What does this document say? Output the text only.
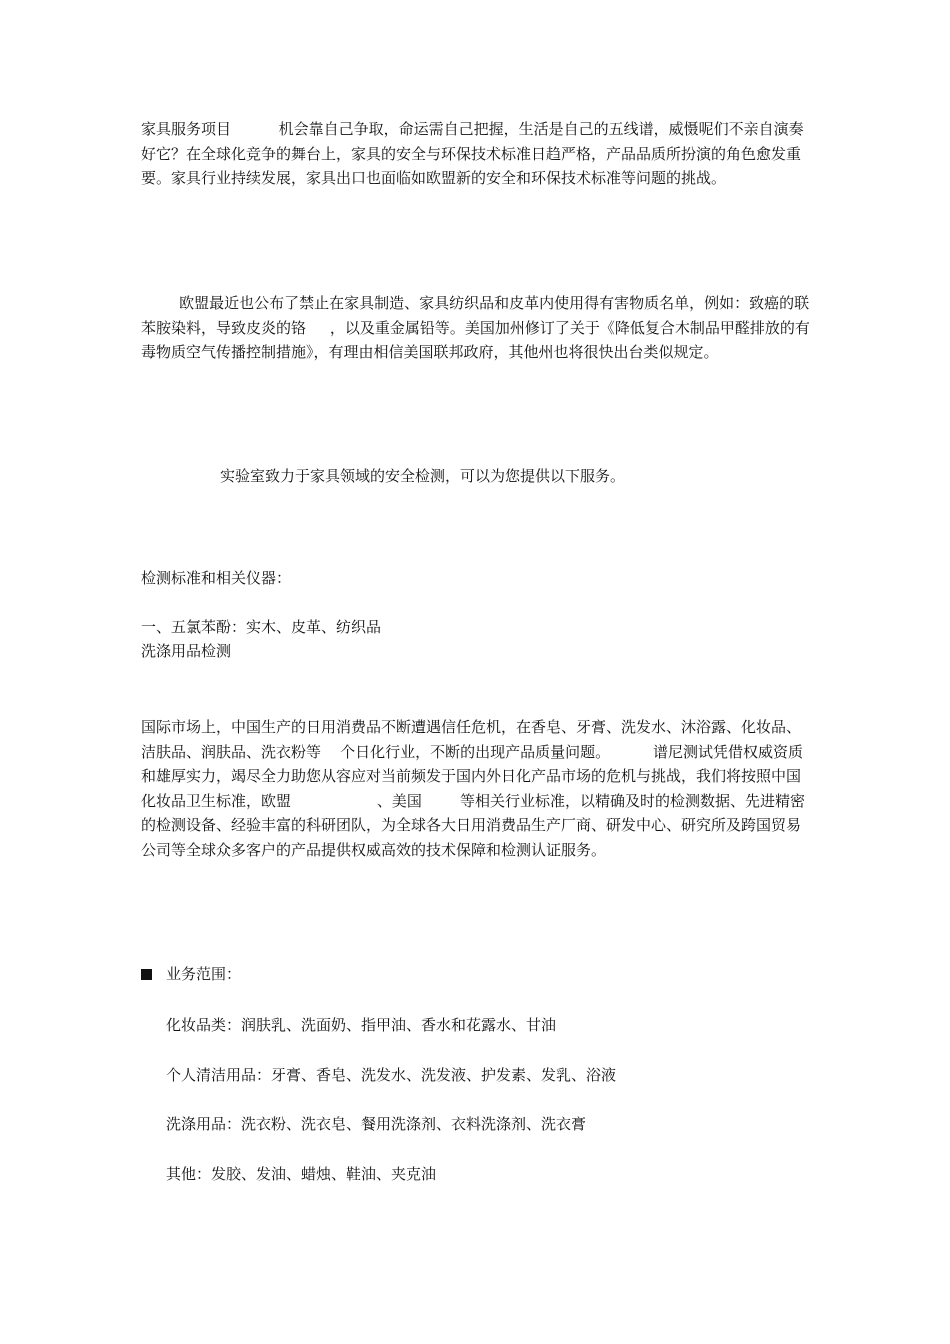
家具服务项目          机会靠自己争取，命运需自己把握，生活是自己的五线谱，威慑呢们不亲自演奏好它？在全球化竞争的舞台上，家具的安全与环保技术标准日趋严格，产品品质所扮演的角色愈发重要。家具行业持续发展，家具出口也面临如欧盟新的安全和环保技术标准等问题的挑战。

欧盟最近也公布了禁止在家具制造、家具纺织品和皮革内使用得有害物质名单，例如：致癌的联苯胺染料，导致皮炎的铬     ，以及重金属铅等。美国加州修订了关于《降低复合木制品甲醛排放的有毒物质空气传播控制措施》，有理由相信美国联邦政府，其他州也将很快出台类似规定。

实验室致力于家具领域的安全检测，可以为您提供以下服务。

检测标准和相关仪器：

一、五氯苯酚：实木、皮革、纺织品

洗涤用品检测

国际市场上，中国生产的日用消费品不断遭遇信任危机，在香皂、牙膏、洗发水、沐浴露、化妆品、洁肤品、润肤品、洗衣粉等    个日化行业，不断的出现产品质量问题。         谱尼测试凭借权威资质和雄厚实力，竭尽全力助您从容应对当前频发于国内外日化产品市场的危机与挑战，我们将按照中国化妆品卫生标准，欧盟                  、美国        等相关行业标准，以精确及时的检测数据、先进精密的检测设备、经验丰富的科研团队，为全球各大日用消费品生产厂商、研发中心、研究所及跨国贸易公司等全球众多客户的产品提供权威高效的技术保障和检测认证服务。

业务范围：

化妆品类：润肤乳、洗面奶、指甲油、香水和花露水、甘油

个人清洁用品：牙膏、香皂、洗发水、洗发液、护发素、发乳、浴液

洗涤用品：洗衣粉、洗衣皂、餐用洗涤剂、衣料洗涤剂、洗衣膏

其他：发胶、发油、蜡烛、鞋油、夹克油
